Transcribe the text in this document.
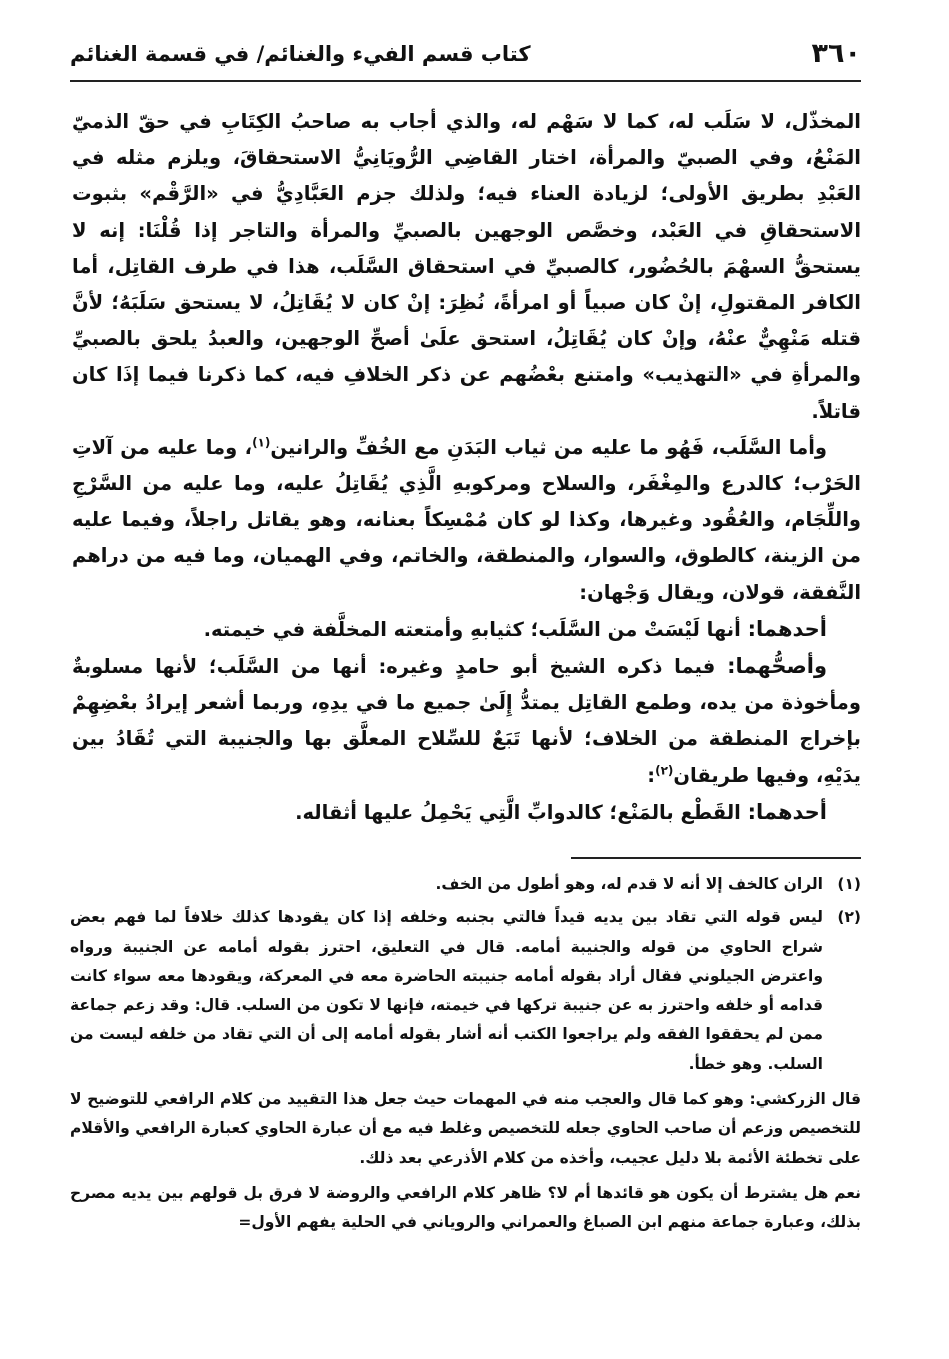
٣٦٠
كتاب قسم الفيء والغنائم/ في قسمة الغنائم

المخذّل، لا سَلَب له، كما لا سَهْم له، والذي أجاب به صاحبُ الكِتَابِ في حقّ الذميّ المَنْعُ، وفي الصبيّ والمرأة، اختار القاضِي الرُّويَانِيُّ الاستحقاقَ، ويلزم مثله في العَبْدِ بطريق الأولى؛ لزيادة العناء فيه؛ ولذلك جزم العَبَّادِيُّ في «الرَّقْم» بثبوت الاستحقاقِ في العَبْد، وخصَّص الوجهين بالصبيِّ والمرأة والتاجر إذا قُلْنَا: إنه لا يستحقُّ السهْمَ بالحُضُور، كالصبيِّ في استحقاق السَّلَب، هذا في طرف القاتِل، أما الكافر المقتولِ، إنْ كان صبياً أو امرأةً، نُظِرَ: إنْ كان لا يُقَاتِلُ، لا يستحق سَلَبَهُ؛ لأنَّ قتله مَنْهِيٌّ عنْهُ، وإنْ كان يُقَاتِلُ، استحق علَىٰ أصحِّ الوجهين، والعبدُ يلحق بالصبيِّ والمرأةِ في «التهذيب» وامتنع بعْضُهم عن ذكر الخلافِ فيه، كما ذكرنا فيما إذَا كان قاتلاً.

وأما السَّلَب، فَهُو ما عليه من ثياب البَدَنِ مع الخُفِّ والرانين$^{(١)}$، وما عليه من آلاتِ الحَرْب؛ كالدرع والمِغْفَر، والسلاح ومركوبهِ الَّذِي يُقَاتِلُ عليه، وما عليه من السَّرْجِ واللِّجَام، والعُقُود وغيرها، وكذا لو كان مُمْسِكاً بعنانه، وهو يقاتل راجلاً، وفيما عليه من الزينة، كالطوق، والسوار، والمنطقة، والخاتم، وفي الهميان، وما فيه من دراهم النَّفقة، قولان، ويقال وَجْهان:

أحدهما: أنها لَيْسَتْ من السَّلَب؛ كثيابهِ وأمتعته المخلَّفة في خيمته.

وأصحُّهما: فيما ذكره الشيخ أبو حامدٍ وغيره: أنها من السَّلَب؛ لأنها مسلوبةٌ ومأخوذة من يده، وطمع القاتِل يمتدُّ إِلَىٰ جميع ما في يدِهِ، وربما أشعر إيرادُ بعْضِهِمْ بإخراج المنطقة من الخلاف؛ لأنها تَبَعٌ للسِّلاح المعلَّق بها والجنيبة التي تُقَادُ بين يدَيْهِ، وفيها طريقان$^{(٢)}$:

أحدهما: القَطْع بالمَنْع؛ كالدوابِّ الَّتِي يَحْمِلُ عليها أثقاله.

(١)
الران كالخف إلا أنه لا قدم له، وهو أطول من الخف.
(٢)
ليس قوله التي تقاد بين يديه قيداً فالتي بجنبه وخلفه إذا كان يقودها كذلك خلافاً لما فهم بعض شراح الحاوي من قوله والجنيبة أمامه. قال في التعليق، احترز بقوله أمامه عن الجنيبة ورواه واعترض الجيلوني فقال أراد بقوله أمامه جنيبته الحاضرة معه في المعركة، ويقودها معه سواء كانت قدامه أو خلفه واحترز به عن جنيبة تركها في خيمته، فإنها لا تكون من السلب. قال: وقد زعم جماعة ممن لم يحققوا الفقه ولم يراجعوا الكتب أنه أشار بقوله أمامه إلى أن التي تقاد من خلفه ليست من السلب. وهو خطأ.

قال الزركشي: وهو كما قال والعجب منه في المهمات حيث جعل هذا التقييد من كلام الرافعي للتوضيح لا للتخصيص وزعم أن صاحب الحاوي جعله للتخصيص وغلط فيه مع أن عبارة الحاوي كعبارة الرافعي والأقلام على تخطئة الأئمة بلا دليل عجيب، وأخذه من كلام الأذرعي بعد ذلك.

نعم هل يشترط أن يكون هو قائدها أم لا؟ ظاهر كلام الرافعي والروضة لا فرق بل قولهم بين يديه مصرح بذلك، وعبارة جماعة منهم ابن الصباغ والعمراني والروياني في الحلية يفهم الأول=
